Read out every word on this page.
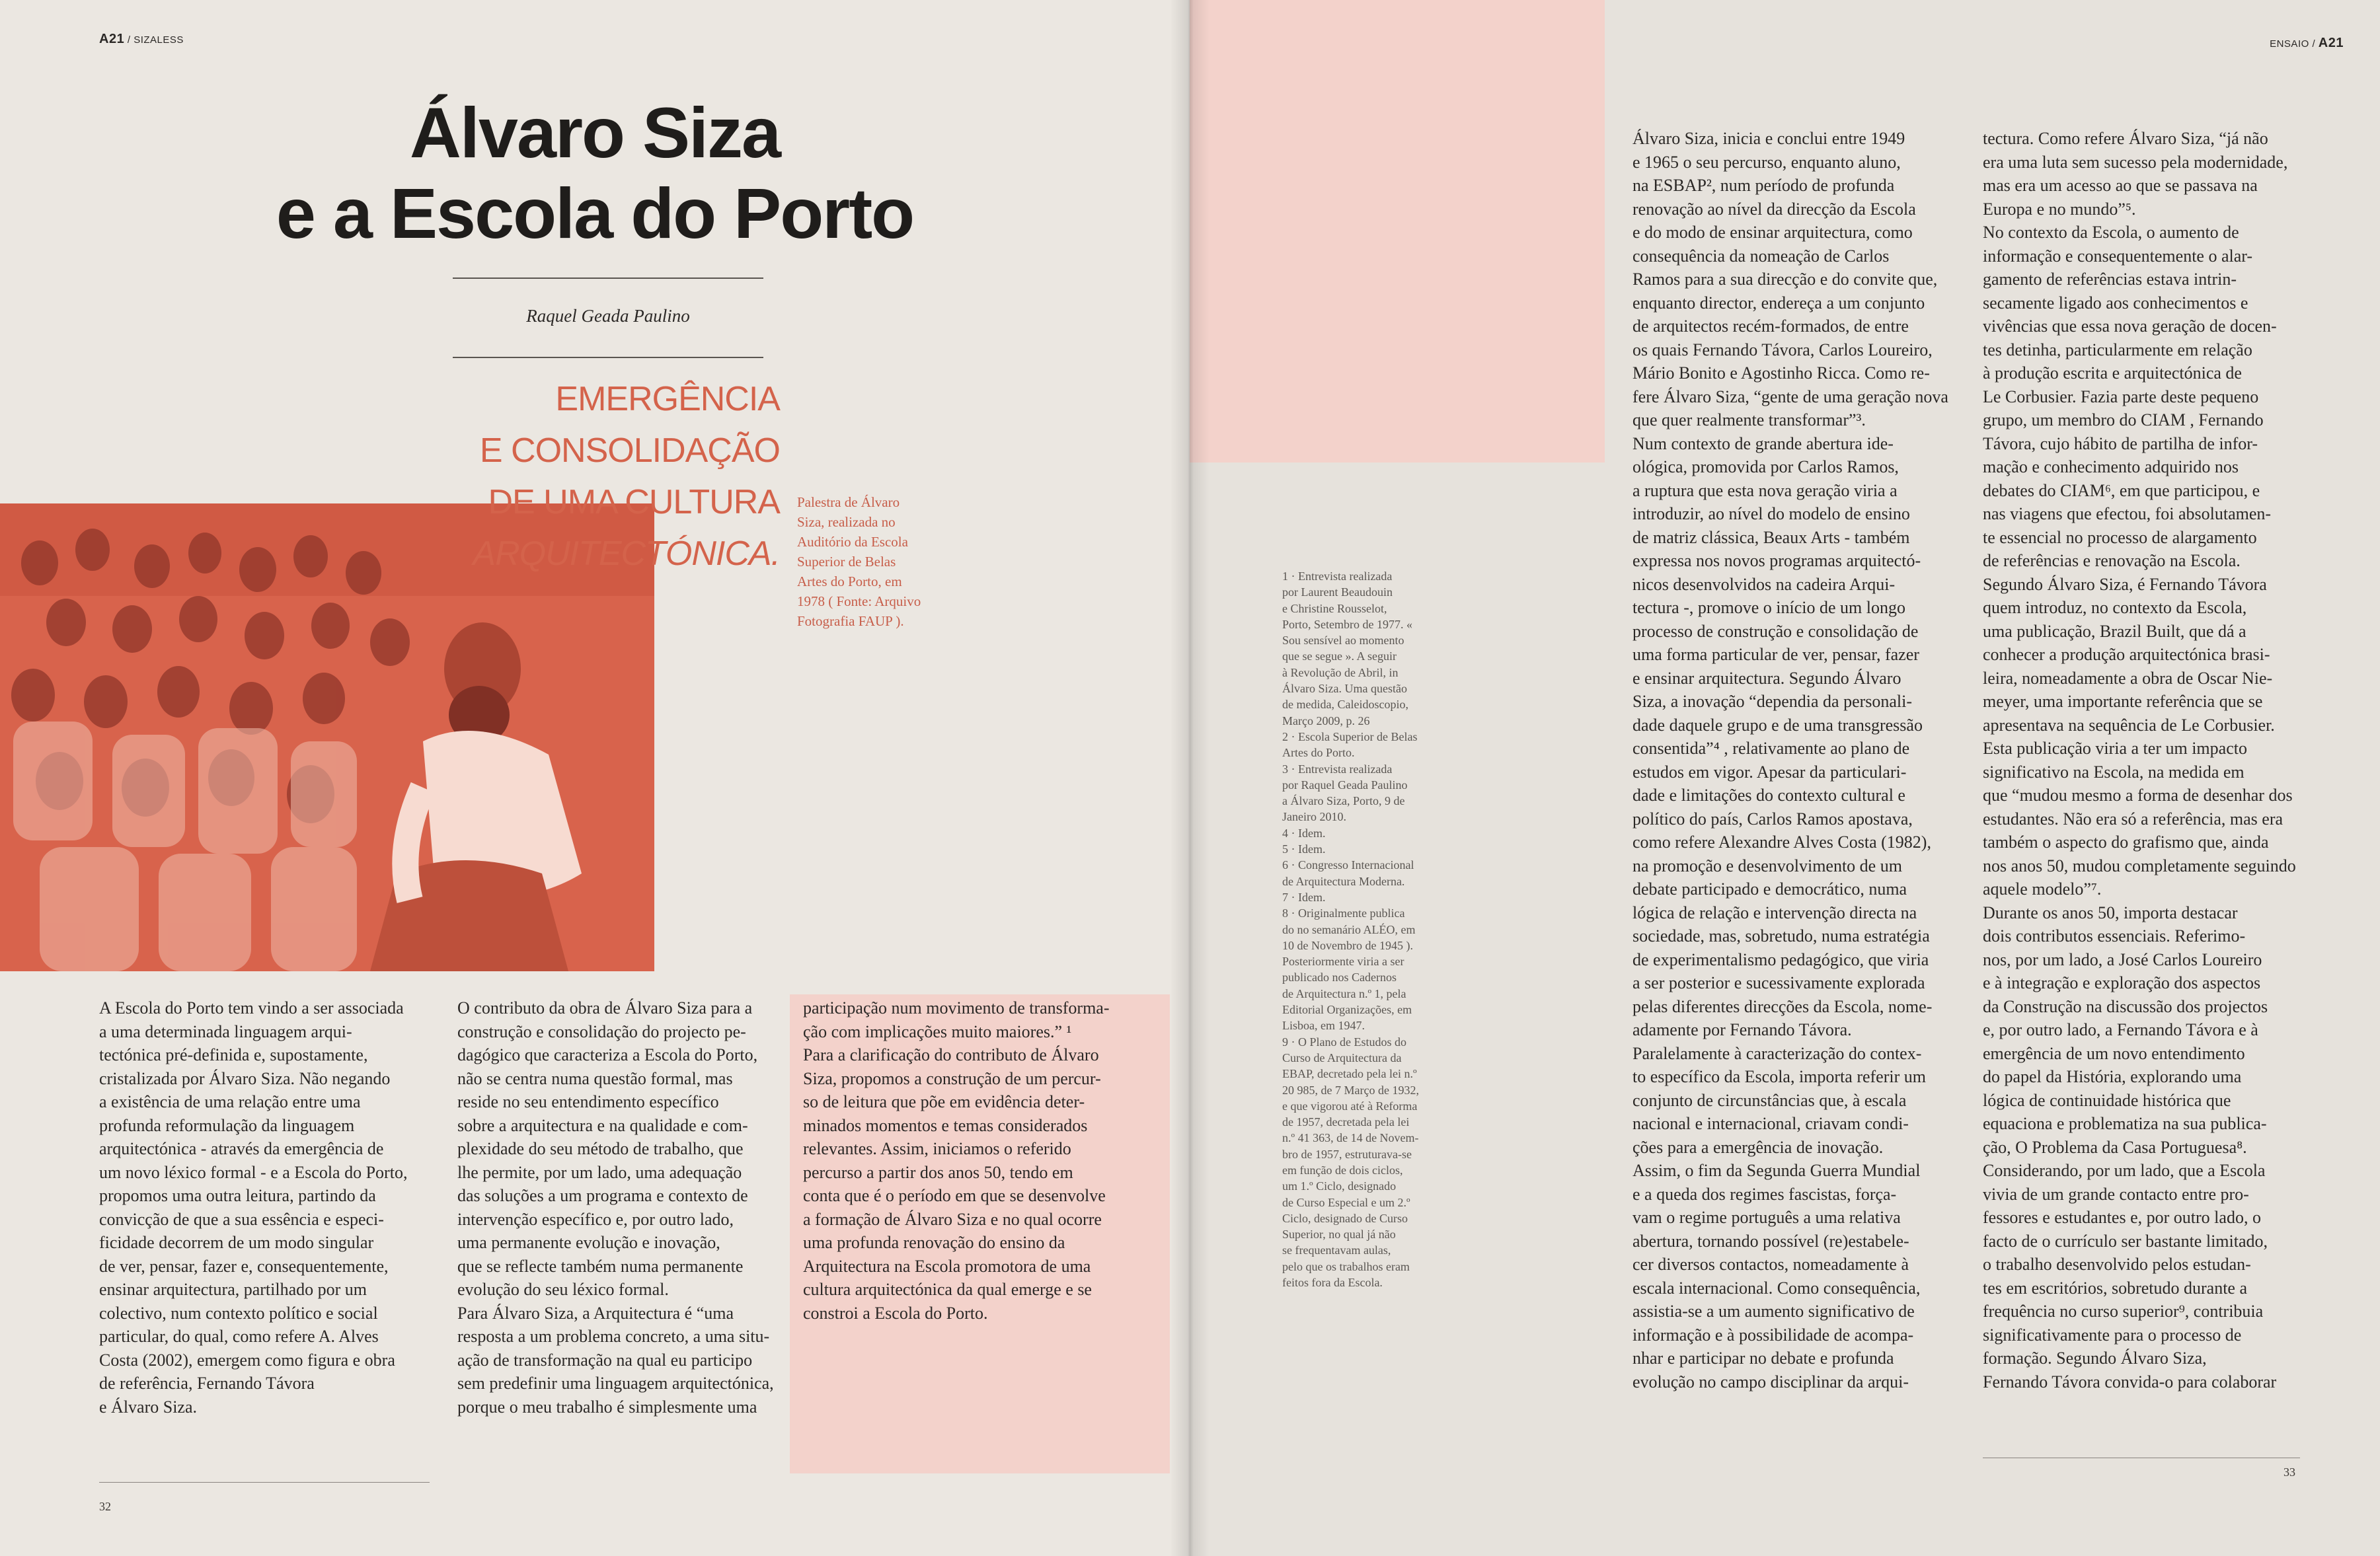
A21 / SIZALESS
Álvaro Siza
e a Escola do Porto
Raquel Geada Paulino
EMERGÊNCIA
E CONSOLIDAÇÃO
DE UMA CULTURA
ARQUITECTÓNICA.
Palestra de Álvaro
Siza, realizada no
Auditório da Escola
Superior de Belas
Artes do Porto, em
1978 ( Fonte: Arquivo
Fotografia FAUP ).
A Escola do Porto tem vindo a ser associada
a uma determinada linguagem arqui-
tectónica pré-definida e, supostamente,
cristalizada por Álvaro Siza. Não negando
a existência de uma relação entre uma
profunda reformulação da linguagem
arquitectónica - através da emergência de
um novo léxico formal - e a Escola do Porto,
propomos uma outra leitura, partindo da
convicção de que a sua essência e especi-
ficidade decorrem de um modo singular
de ver, pensar, fazer e, consequentemente,
ensinar arquitectura, partilhado por um
colectivo, num contexto político e social
particular, do qual, como refere A. Alves
Costa (2002), emergem como figura e obra
de referência, Fernando Távora
e Álvaro Siza.
O contributo da obra de Álvaro Siza para a
construção e consolidação do projecto pe-
dagógico que caracteriza a Escola do Porto,
não se centra numa questão formal, mas
reside no seu entendimento específico
sobre a arquitectura e na qualidade e com-
plexidade do seu método de trabalho, que
lhe permite, por um lado, uma adequação
das soluções a um programa e contexto de
intervenção específico e, por outro lado,
uma permanente evolução e inovação,
que se reflecte também numa permanente
evolução do seu léxico formal.
Para Álvaro Siza, a Arquitectura é “uma
resposta a um problema concreto, a uma situ-
ação de transformação na qual eu participo
sem predefinir uma linguagem arquitectónica,
porque o meu trabalho é simplesmente uma
participação num movimento de transforma-
ção com implicações muito maiores.” ¹
Para a clarificação do contributo de Álvaro
Siza, propomos a construção de um percur-
so de leitura que põe em evidência deter-
minados momentos e temas considerados
relevantes. Assim, iniciamos o referido
percurso a partir dos anos 50, tendo em
conta que é o período em que se desenvolve
a formação de Álvaro Siza e no qual ocorre
uma profunda renovação do ensino da
Arquitectura na Escola promotora de uma
cultura arquitectónica da qual emerge e se
constroi a Escola do Porto.
32
ENSAIO / A21
1 · Entrevista realizada
por Laurent Beaudouin
e Christine Rousselot,
Porto, Setembro de 1977. «
Sou sensível ao momento
que se segue ». A seguir
à Revolução de Abril, in
Álvaro Siza. Uma questão
de medida, Caleidoscopio,
Março 2009, p. 26
2 · Escola Superior de Belas
Artes do Porto.
3 · Entrevista realizada
por Raquel Geada Paulino
a Álvaro Siza, Porto, 9 de
Janeiro 2010.
4 · Idem.
5 · Idem.
6 · Congresso Internacional
de Arquitectura Moderna.
7 · Idem.
8 · Originalmente publica
do no semanário ALÉO, em
10 de Novembro de 1945 ).
Posteriormente viria a ser
publicado nos Cadernos
de Arquitectura n.º 1, pela
Editorial Organizações, em
Lisboa, em 1947.
9 · O Plano de Estudos do
Curso de Arquitectura da
EBAP, decretado pela lei n.º
20 985, de 7 Março de 1932,
e que vigorou até à Reforma
de 1957, decretada pela lei
n.º 41 363, de 14 de Novem-
bro de 1957, estruturava-se
em função de dois ciclos,
um 1.º Ciclo, designado
de Curso Especial e um 2.º
Ciclo, designado de Curso
Superior, no qual já não
se frequentavam aulas,
pelo que os trabalhos eram
feitos fora da Escola.
Álvaro Siza, inicia e conclui entre 1949
e 1965 o seu percurso, enquanto aluno,
na ESBAP², num período de profunda
renovação ao nível da direcção da Escola
e do modo de ensinar arquitectura, como
consequência da nomeação de Carlos
Ramos para a sua direcção e do convite que,
enquanto director, endereça a um conjunto
de arquitectos recém-formados, de entre
os quais Fernando Távora, Carlos Loureiro,
Mário Bonito e Agostinho Ricca. Como re-
fere Álvaro Siza, “gente de uma geração nova
que quer realmente transformar”³.
Num contexto de grande abertura ide-
ológica, promovida por Carlos Ramos,
a ruptura que esta nova geração viria a
introduzir, ao nível do modelo de ensino
de matriz clássica, Beaux Arts - também
expressa nos novos programas arquitectó-
nicos desenvolvidos na cadeira Arqui-
tectura -, promove o início de um longo
processo de construção e consolidação de
uma forma particular de ver, pensar, fazer
e ensinar arquitectura. Segundo Álvaro
Siza, a inovação “dependia da personali-
dade daquele grupo e de uma transgressão
consentida”⁴ , relativamente ao plano de
estudos em vigor. Apesar da particulari-
dade e limitações do contexto cultural e
político do país, Carlos Ramos apostava,
como refere Alexandre Alves Costa (1982),
na promoção e desenvolvimento de um
debate participado e democrático, numa
lógica de relação e intervenção directa na
sociedade, mas, sobretudo, numa estratégia
de experimentalismo pedagógico, que viria
a ser posterior e sucessivamente explorada
pelas diferentes direcções da Escola, nome-
adamente por Fernando Távora.
Paralelamente à caracterização do contex-
to específico da Escola, importa referir um
conjunto de circunstâncias que, à escala
nacional e internacional, criavam condi-
ções para a emergência de inovação.
Assim, o fim da Segunda Guerra Mundial
e a queda dos regimes fascistas, força-
vam o regime português a uma relativa
abertura, tornando possível (re)estabele-
cer diversos contactos, nomeadamente à
escala internacional. Como consequência,
assistia-se a um aumento significativo de
informação e à possibilidade de acompa-
nhar e participar no debate e profunda
evolução no campo disciplinar da arqui-
tectura. Como refere Álvaro Siza, “já não
era uma luta sem sucesso pela modernidade,
mas era um acesso ao que se passava na
Europa e no mundo”⁵.
No contexto da Escola, o aumento de
informação e consequentemente o alar-
gamento de referências estava intrin-
secamente ligado aos conhecimentos e
vivências que essa nova geração de docen-
tes detinha, particularmente em relação
à produção escrita e arquitectónica de
Le Corbusier. Fazia parte deste pequeno
grupo, um membro do CIAM , Fernando
Távora, cujo hábito de partilha de infor-
mação e conhecimento adquirido nos
debates do CIAM⁶, em que participou, e
nas viagens que efectou, foi absolutamen-
te essencial no processo de alargamento
de referências e renovação na Escola.
Segundo Álvaro Siza, é Fernando Távora
quem introduz, no contexto da Escola,
uma publicação, Brazil Built, que dá a
conhecer a produção arquitectónica brasi-
leira, nomeadamente a obra de Oscar Nie-
meyer, uma importante referência que se
apresentava na sequência de Le Corbusier.
Esta publicação viria a ter um impacto
significativo na Escola, na medida em
que “mudou mesmo a forma de desenhar dos
estudantes. Não era só a referência, mas era
também o aspecto do grafismo que, ainda
nos anos 50, mudou completamente seguindo
aquele modelo”⁷.
Durante os anos 50, importa destacar
dois contributos essenciais. Referimo-
nos, por um lado, a José Carlos Loureiro
e à integração e exploração dos aspectos
da Construção na discussão dos projectos
e, por outro lado, a Fernando Távora e à
emergência de um novo entendimento
do papel da História, explorando uma
lógica de continuidade histórica que
equaciona e problematiza na sua publica-
ção, O Problema da Casa Portuguesa⁸.
Considerando, por um lado, que a Escola
vivia de um grande contacto entre pro-
fessores e estudantes e, por outro lado, o
facto de o currículo ser bastante limitado,
o trabalho desenvolvido pelos estudan-
tes em escritórios, sobretudo durante a
frequência no curso superior⁹, contribuia
significativamente para o processo de
formação. Segundo Álvaro Siza,
Fernando Távora convida-o para colaborar
33
